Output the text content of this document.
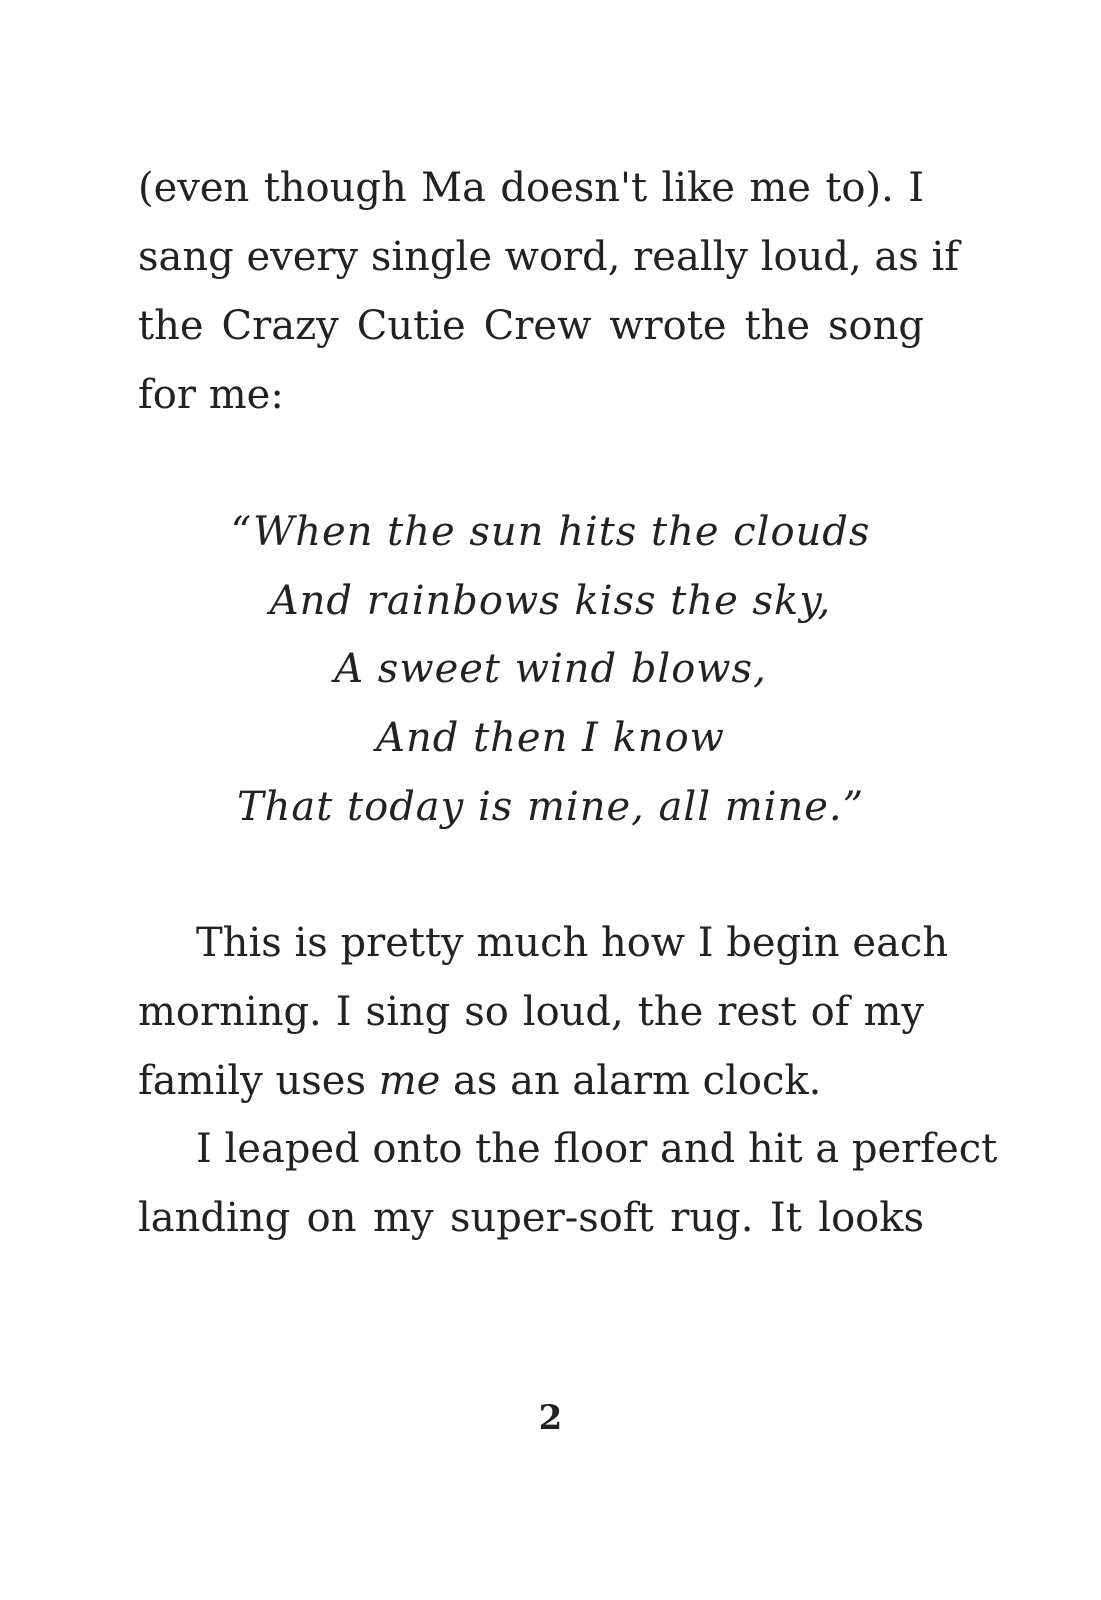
(even though Ma doesn't like me to). I
sang every single word, really loud, as if
the Crazy Cutie Crew wrote the song
for me:
“When the sun hits the clouds
And rainbows kiss the sky,
A sweet wind blows,
And then I know
That today is mine, all mine.”
This is pretty much how I begin each
morning. I sing so loud, the rest of my
family uses me as an alarm clock.
I leaped onto the floor and hit a perfect
landing on my super-soft rug. It looks
2
